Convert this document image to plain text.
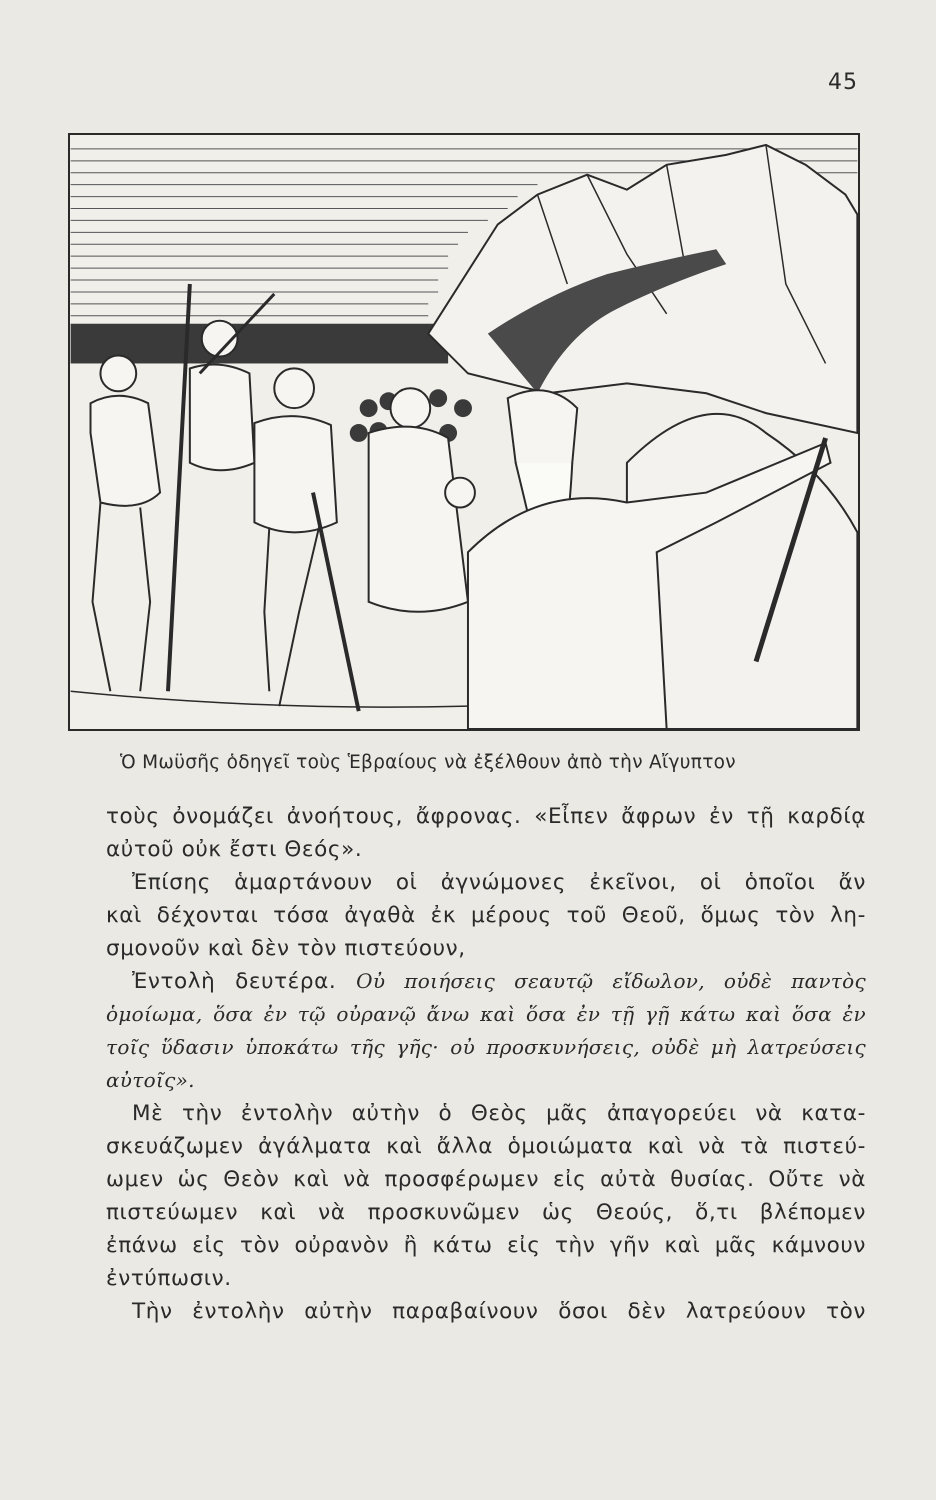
45
Ὁ Μωϋσῆς ὁδηγεῖ τοὺς Ἑβραίους νὰ ἐξέλθουν ἀπὸ τὴν Αἴγυπτον
τοὺς ὀνομάζει ἀνοήτους, ἄφρονας. «Εἶπεν ἄφρων ἐν τῇ καρδίᾳ
αὐτοῦ οὐκ ἔστι Θεός».
Ἐπίσης ἁμαρτάνουν οἱ ἀγνώμονες ἐκεῖνοι, οἱ ὁποῖοι ἄν
καὶ δέχονται τόσα ἀγαθὰ ἐκ μέρους τοῦ Θεοῦ, ὅμως τὸν λη-
σμονοῦν καὶ δὲν τὸν πιστεύουν,
Ἐντολὴ δευτέρα. Οὐ ποιήσεις σεαυτῷ εἴδωλον, οὐδὲ παντὸς
ὁμοίωμα, ὅσα ἐν τῷ οὐρανῷ ἄνω καὶ ὅσα ἐν τῇ γῇ κάτω καὶ ὅσα ἐν
τοῖς ὕδασιν ὑποκάτω τῆς γῆς· οὐ προσκυνήσεις, οὐδὲ μὴ λατρεύσεις
αὐτοῖς».
Μὲ τὴν ἐντολὴν αὐτὴν ὁ Θεὸς μᾶς ἀπαγορεύει νὰ κατα-
σκευάζωμεν ἀγάλματα καὶ ἄλλα ὁμοιώματα καὶ νὰ τὰ πιστεύ-
ωμεν ὡς Θεὸν καὶ νὰ προσφέρωμεν εἰς αὐτὰ θυσίας. Οὔτε νὰ
πιστεύωμεν καὶ νὰ προσκυνῶμεν ὡς Θεούς, ὅ,τι βλέπομεν
ἐπάνω εἰς τὸν οὐρανὸν ἢ κάτω εἰς τὴν γῆν καὶ μᾶς κάμνουν
ἐντύπωσιν.
Τὴν ἐντολὴν αὐτὴν παραβαίνουν ὅσοι δὲν λατρεύουν τὸν
